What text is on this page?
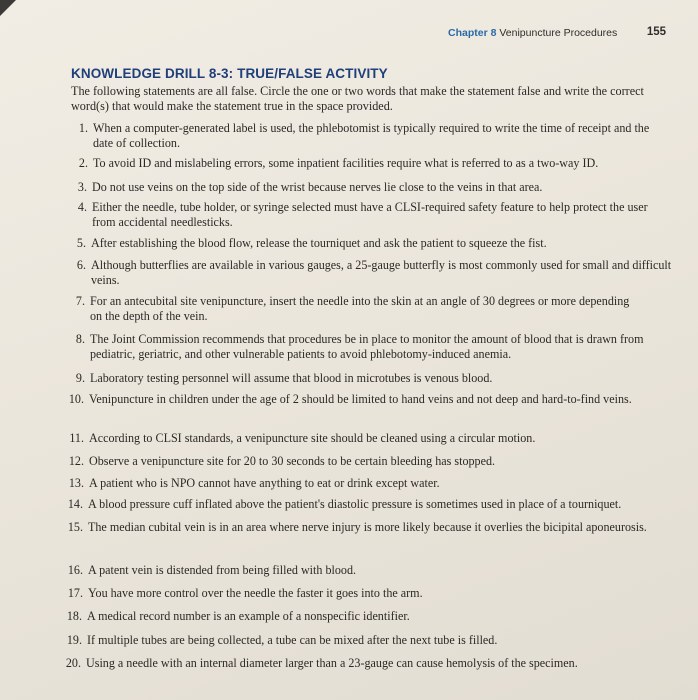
Chapter 8 Venipuncture Procedures	155
KNOWLEDGE DRILL 8-3: TRUE/FALSE ACTIVITY
The following statements are all false. Circle the one or two words that make the statement false and write the correct word(s) that would make the statement true in the space provided.
1. When a computer-generated label is used, the phlebotomist is typically required to write the time of receipt and the date of collection.
2. To avoid ID and mislabeling errors, some inpatient facilities require what is referred to as a two-way ID.
3. Do not use veins on the top side of the wrist because nerves lie close to the veins in that area.
4. Either the needle, tube holder, or syringe selected must have a CLSI-required safety feature to help protect the user from accidental needlesticks.
5. After establishing the blood flow, release the tourniquet and ask the patient to squeeze the fist.
6. Although butterflies are available in various gauges, a 25-gauge butterfly is most commonly used for small and difficult veins.
7. For an antecubital site venipuncture, insert the needle into the skin at an angle of 30 degrees or more depending on the depth of the vein.
8. The Joint Commission recommends that procedures be in place to monitor the amount of blood that is drawn from pediatric, geriatric, and other vulnerable patients to avoid phlebotomy-induced anemia.
9. Laboratory testing personnel will assume that blood in microtubes is venous blood.
10. Venipuncture in children under the age of 2 should be limited to hand veins and not deep and hard-to-find veins.
11. According to CLSI standards, a venipuncture site should be cleaned using a circular motion.
12. Observe a venipuncture site for 20 to 30 seconds to be certain bleeding has stopped.
13. A patient who is NPO cannot have anything to eat or drink except water.
14. A blood pressure cuff inflated above the patient's diastolic pressure is sometimes used in place of a tourniquet.
15. The median cubital vein is in an area where nerve injury is more likely because it overlies the bicipital aponeurosis.
16. A patent vein is distended from being filled with blood.
17. You have more control over the needle the faster it goes into the arm.
18. A medical record number is an example of a nonspecific identifier.
19. If multiple tubes are being collected, a tube can be mixed after the next tube is filled.
20. Using a needle with an internal diameter larger than a 23-gauge can cause hemolysis of the specimen.
